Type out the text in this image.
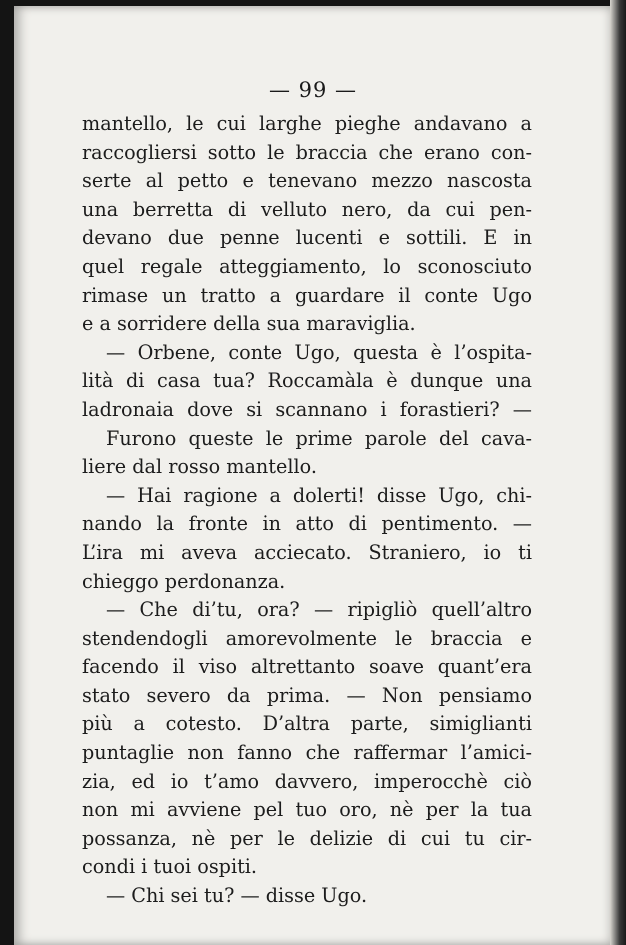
— 99 —
mantello, le cui larghe pieghe andavano a
raccogliersi sotto le braccia che erano con-
serte al petto e tenevano mezzo nascosta
una berretta di velluto nero, da cui pen-
devano due penne lucenti e sottili. E in
quel regale atteggiamento, lo sconosciuto
rimase un tratto a guardare il conte Ugo
e a sorridere della sua maraviglia.
— Orbene, conte Ugo, questa è l’ospita-
lità di casa tua? Roccamàla è dunque una
ladronaia dove si scannano i forastieri? —
Furono queste le prime parole del cava-
liere dal rosso mantello.
— Hai ragione a dolerti! disse Ugo, chi-
nando la fronte in atto di pentimento. —
L’ira mi aveva acciecato. Straniero, io ti
chieggo perdonanza.
— Che di’tu, ora? — ripigliò quell’altro
stendendogli amorevolmente le braccia e
facendo il viso altrettanto soave quant’era
stato severo da prima. — Non pensiamo
più a cotesto. D’altra parte, simiglianti
puntaglie non fanno che raffermar l’amici-
zia, ed io t’amo davvero, imperocchè ciò
non mi avviene pel tuo oro, nè per la tua
possanza, nè per le delizie di cui tu cir-
condi i tuoi ospiti.
— Chi sei tu? — disse Ugo.
